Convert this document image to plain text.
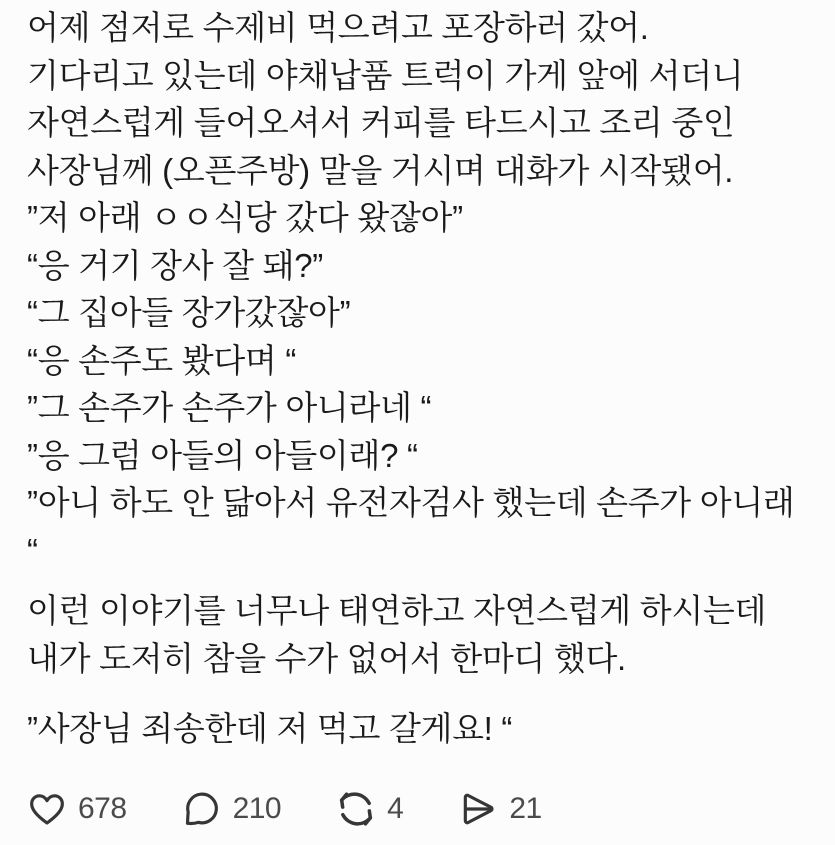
어제 점저로 수제비 먹으려고 포장하러 갔어.
기다리고 있는데 야채납품 트럭이 가게 앞에 서더니
자연스럽게 들어오셔서 커피를 타드시고 조리 중인
사장님께 (오픈주방) 말을 거시며 대화가 시작됐어.
”저 아래 ㅇㅇ식당 갔다 왔잖아”
“응 거기 장사 잘 돼?”
“그 집아들 장가갔잖아”
“응 손주도 봤다며 “
”그 손주가 손주가 아니라네 “
”응 그럼 아들의 아들이래? “
”아니 하도 안 닮아서 유전자검사 했는데 손주가 아니래
“
이런 이야기를 너무나 태연하고 자연스럽게 하시는데
내가 도저히 참을 수가 없어서 한마디 했다.
”사장님 죄송한데 저 먹고 갈게요! “
678	210	4	21
